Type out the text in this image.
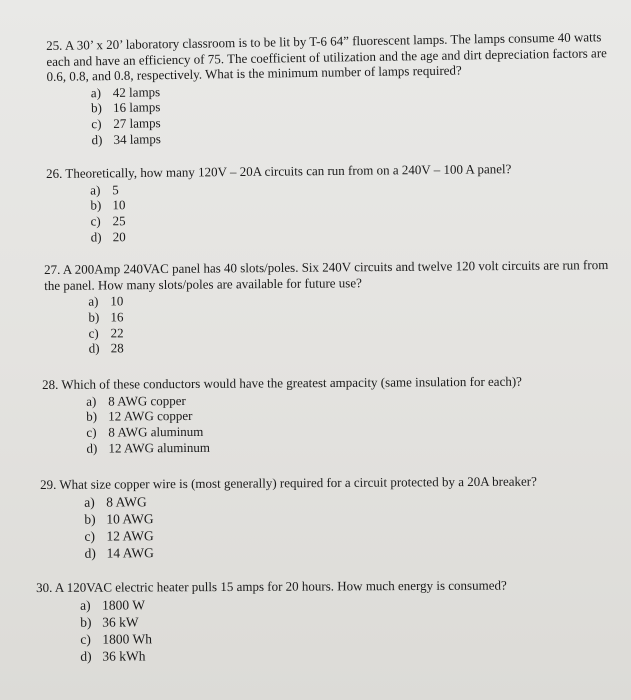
25. A 30’ x 20’ laboratory classroom is to be lit by T-6 64” fluorescent lamps. The lamps consume 40 watts each and have an efficiency of 75. The coefficient of utilization and the age and dirt depreciation factors are 0.6, 0.8, and 0.8, respectively. What is the minimum number of lamps required?

a) 42 lamps
b) 16 lamps
c) 27 lamps
d) 34 lamps

26. Theoretically, how many 120V – 20A circuits can run from on a 240V – 100 A panel?

a) 5
b) 10
c) 25
d) 20

27. A 200Amp 240VAC panel has 40 slots/poles. Six 240V circuits and twelve 120 volt circuits are run from the panel. How many slots/poles are available for future use?

a) 10
b) 16
c) 22
d) 28

28. Which of these conductors would have the greatest ampacity (same insulation for each)?

a) 8 AWG copper
b) 12 AWG copper
c) 8 AWG aluminum
d) 12 AWG aluminum

29. What size copper wire is (most generally) required for a circuit protected by a 20A breaker?

a) 8 AWG
b) 10 AWG
c) 12 AWG
d) 14 AWG

30. A 120VAC electric heater pulls 15 amps for 20 hours. How much energy is consumed?

a) 1800 W
b) 36 kW
c) 1800 Wh
d) 36 kWh
